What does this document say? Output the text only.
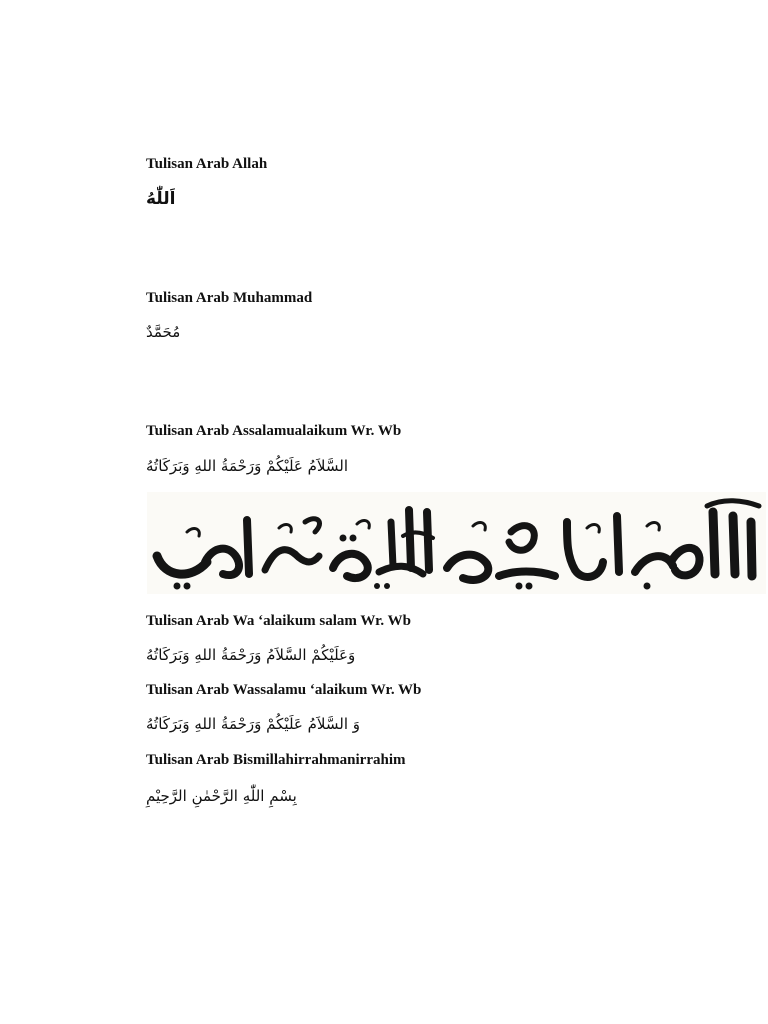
Tulisan Arab Allah
اَللّٰهُ
Tulisan Arab Muhammad
مُحَمَّدٌ
Tulisan Arab Assalamualaikum Wr. Wb
السَّلاَمُ عَلَيْكُمْ وَرَحْمَةُ اللهِ وَبَرَكَاتُهُ
Tulisan Arab Wa ‘alaikum salam Wr. Wb
وَعَلَيْكُمْ السَّلاَمُ وَرَحْمَةُ اللهِ وَبَرَكَاتُهُ
Tulisan Arab Wassalamu ‘alaikum Wr. Wb
وَ السَّلاَمُ عَلَيْكُمْ وَرَحْمَةُ اللهِ وَبَرَكَاتُهُ
Tulisan Arab Bismillahirrahmanirrahim
بِسْمِ اللّٰهِ الرَّحْمٰنِ الرَّحِيْمِ
